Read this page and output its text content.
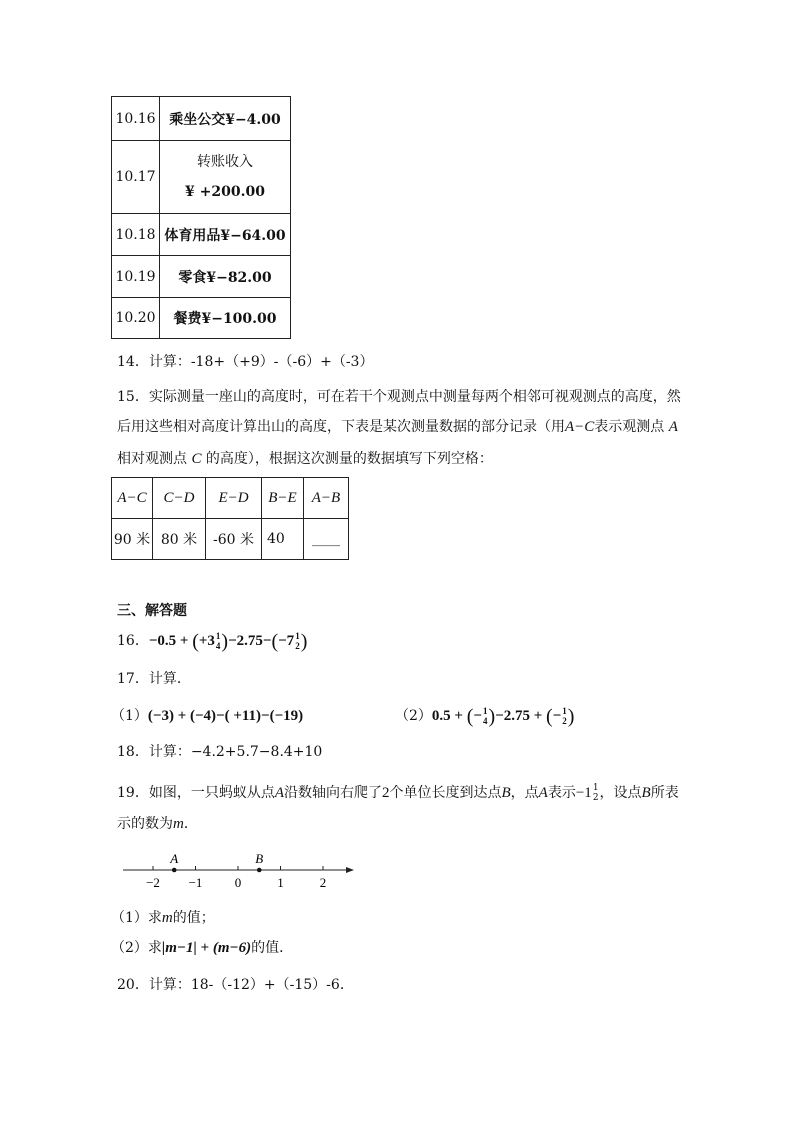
10.16	乘坐公交¥−4.00
10.17	转账收入
¥ +200.00

10.18	体育用品¥−64.00
10.19	零食¥−82.00
10.20	餐费¥−100.00
14．计算：-18+（+9）-（-6）+（-3）
15．实际测量一座山的高度时，可在若干个观测点中测量每两个相邻可视观测点的高度，然
后用这些相对高度计算出山的高度，下表是某次测量数据的部分记录（用A−C表示观测点 A
相对观测点 C 的高度），根据这次测量的数据填写下列空格：
A−C	C−D	E−D	B−E	A−B
90 米	80 米	-60 米	40	____
三、解答题
16．−0.5 + (+3 1
4 )−2.75−(−7 1
2 )
17．计算．
（1）(−3) + (−4)−( +11)−(−19)	（2）0.5 + (− 1
4 )−2.75 + (− 1
2 )
18．计算：−4.2+5.7−8.4+10
19．如图，一只蚂蚁从点A沿数轴向右爬了2个单位长度到达点B，点A表示−1 1
2 ，设点B所表
示的数为m．
−2 −1 0	1	2
A	B
（1）求m的值；
（2）求|m−1| + (m−6)的值．
20．计算：18-（-12）+（-15）-6．
